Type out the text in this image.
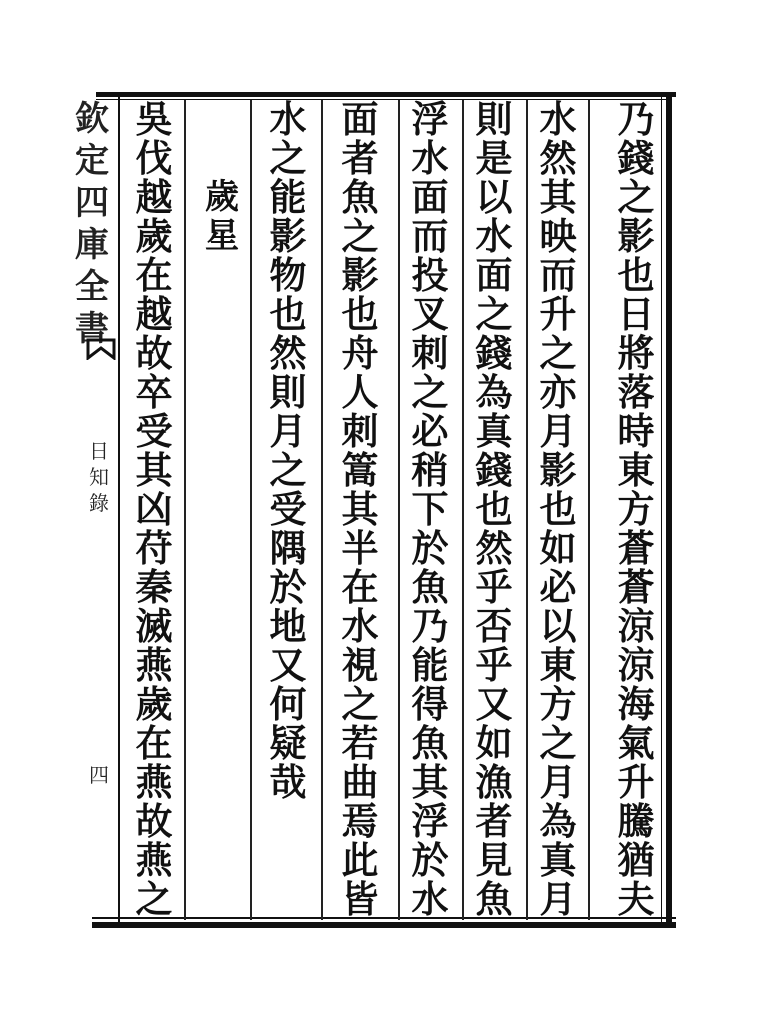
欽
定
四
庫
全
書
日
知
錄
四
乃
錢
之
影
也
日
將
落
時
東
方
蒼
蒼
涼
涼
海
氣
升
騰
猶
夫
水
然
其
映
而
升
之
亦
月
影
也
如
必
以
東
方
之
月
為
真
月
則
是
以
水
面
之
錢
為
真
錢
也
然
乎
否
乎
又
如
漁
者
見
魚
浮
水
面
而
投
叉
刺
之
必
稍
下
於
魚
乃
能
得
魚
其
浮
於
水
面
者
魚
之
影
也
舟
人
刺
篙
其
半
在
水
視
之
若
曲
焉
此
皆
水
之
能
影
物
也
然
則
月
之
受
隅
於
地
又
何
疑
哉
歲
星
吳
伐
越
歲
在
越
故
卒
受
其
凶
苻
秦
滅
燕
歲
在
燕
故
燕
之
